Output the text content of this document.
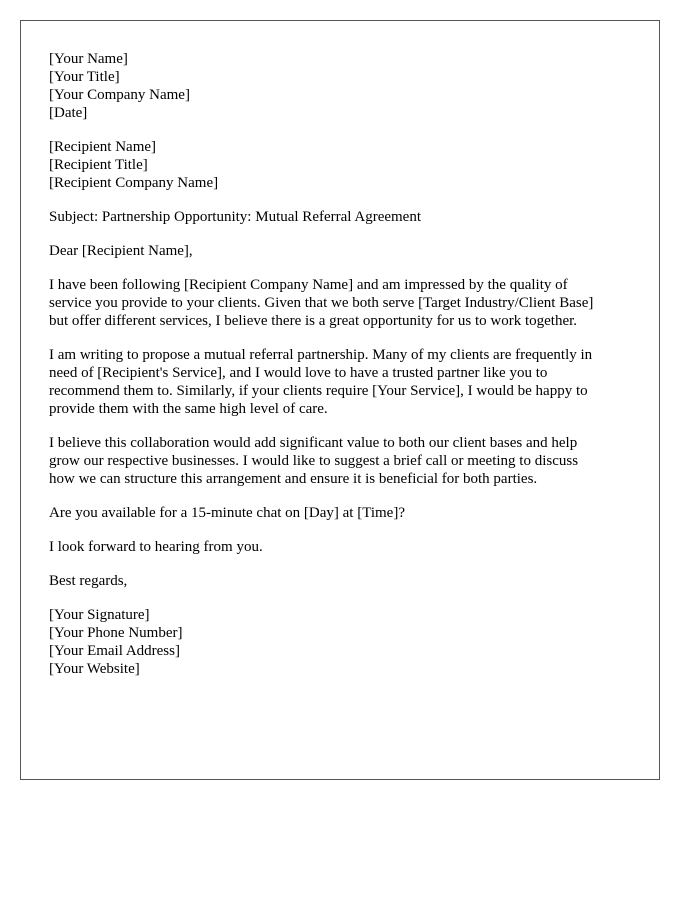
[Your Name]
[Your Title]
[Your Company Name]
[Date]
[Recipient Name]
[Recipient Title]
[Recipient Company Name]
Subject: Partnership Opportunity: Mutual Referral Agreement
Dear [Recipient Name],
I have been following [Recipient Company Name] and am impressed by the quality of
service you provide to your clients. Given that we both serve [Target Industry/Client Base]
but offer different services, I believe there is a great opportunity for us to work together.
I am writing to propose a mutual referral partnership. Many of my clients are frequently in
need of [Recipient's Service], and I would love to have a trusted partner like you to
recommend them to. Similarly, if your clients require [Your Service], I would be happy to
provide them with the same high level of care.
I believe this collaboration would add significant value to both our client bases and help
grow our respective businesses. I would like to suggest a brief call or meeting to discuss
how we can structure this arrangement and ensure it is beneficial for both parties.
Are you available for a 15-minute chat on [Day] at [Time]?
I look forward to hearing from you.
Best regards,
[Your Signature]
[Your Phone Number]
[Your Email Address]
[Your Website]
